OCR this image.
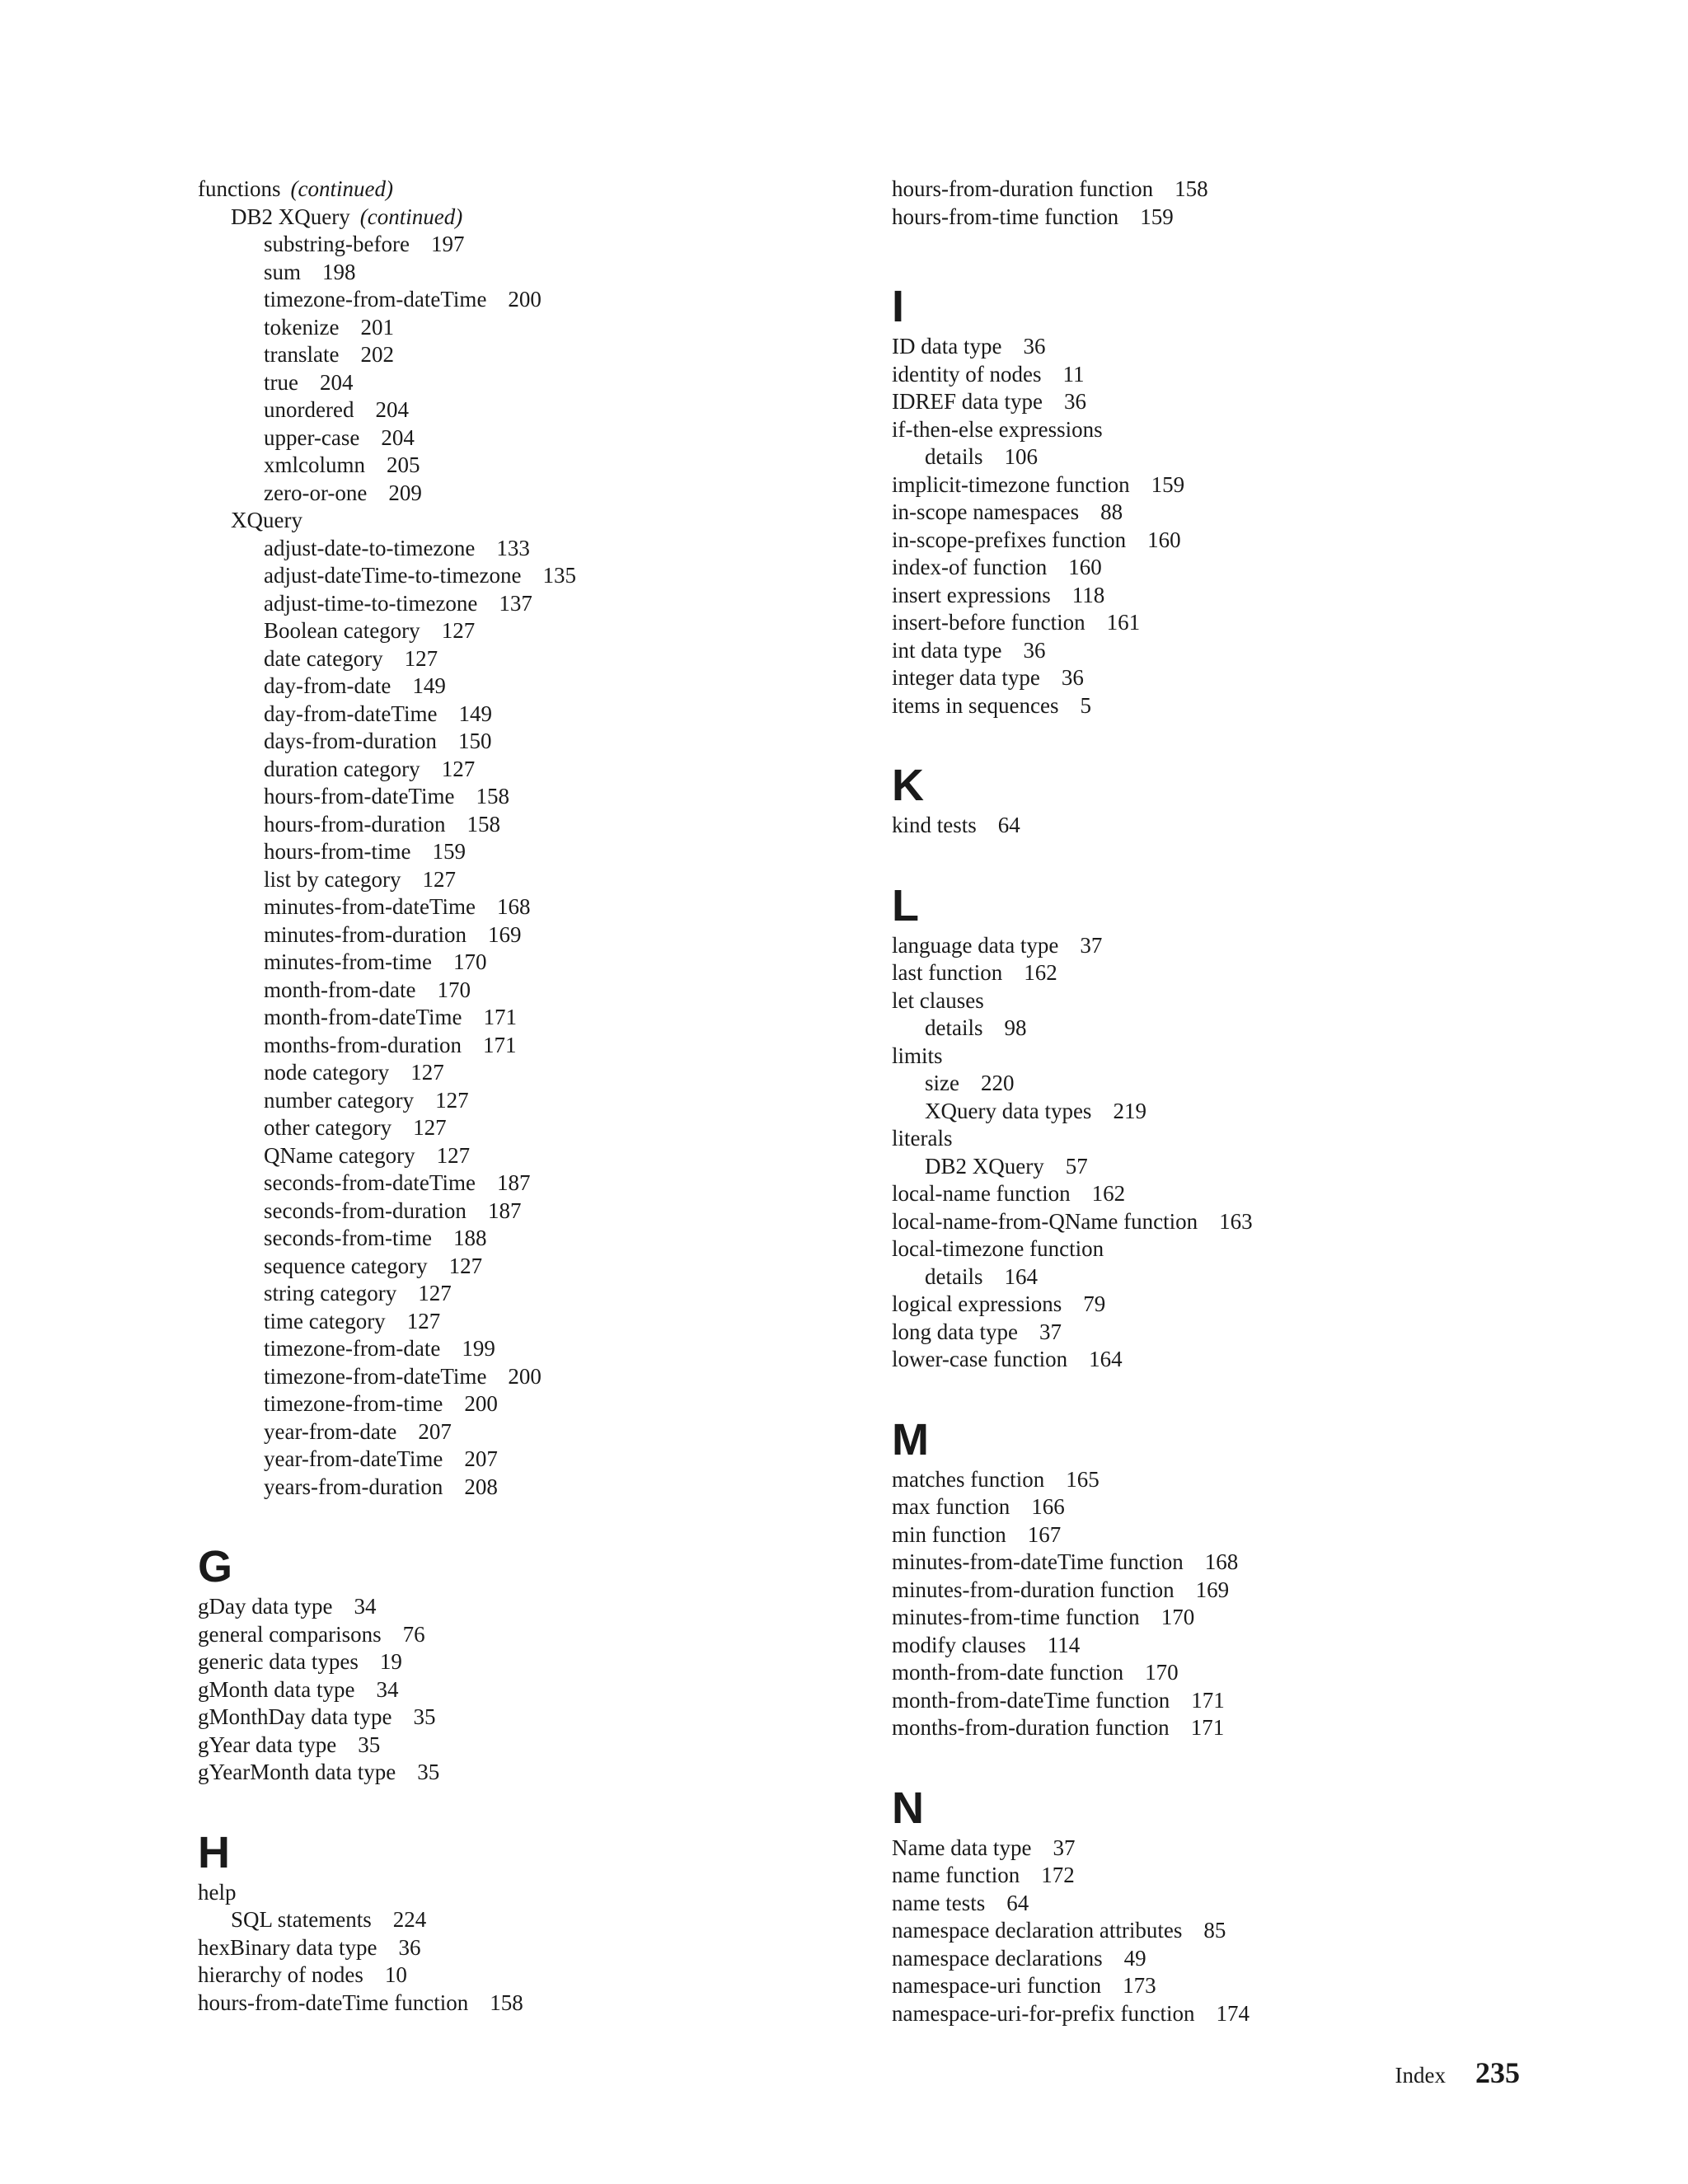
functions (continued)
DB2 XQuery (continued)
substring-before 197
sum 198
timezone-from-dateTime 200
tokenize 201
translate 202
true 204
unordered 204
upper-case 204
xmlcolumn 205
zero-or-one 209
XQuery
adjust-date-to-timezone 133
adjust-dateTime-to-timezone 135
adjust-time-to-timezone 137
Boolean category 127
date category 127
day-from-date 149
day-from-dateTime 149
days-from-duration 150
duration category 127
hours-from-dateTime 158
hours-from-duration 158
hours-from-time 159
list by category 127
minutes-from-dateTime 168
minutes-from-duration 169
minutes-from-time 170
month-from-date 170
month-from-dateTime 171
months-from-duration 171
node category 127
number category 127
other category 127
QName category 127
seconds-from-dateTime 187
seconds-from-duration 187
seconds-from-time 188
sequence category 127
string category 127
time category 127
timezone-from-date 199
timezone-from-dateTime 200
timezone-from-time 200
year-from-date 207
year-from-dateTime 207
years-from-duration 208
G
gDay data type 34
general comparisons 76
generic data types 19
gMonth data type 34
gMonthDay data type 35
gYear data type 35
gYearMonth data type 35
H
help
SQL statements 224
hexBinary data type 36
hierarchy of nodes 10
hours-from-dateTime function 158
hours-from-duration function 158
hours-from-time function 159
I
ID data type 36
identity of nodes 11
IDREF data type 36
if-then-else expressions
details 106
implicit-timezone function 159
in-scope namespaces 88
in-scope-prefixes function 160
index-of function 160
insert expressions 118
insert-before function 161
int data type 36
integer data type 36
items in sequences 5
K
kind tests 64
L
language data type 37
last function 162
let clauses
details 98
limits
size 220
XQuery data types 219
literals
DB2 XQuery 57
local-name function 162
local-name-from-QName function 163
local-timezone function
details 164
logical expressions 79
long data type 37
lower-case function 164
M
matches function 165
max function 166
min function 167
minutes-from-dateTime function 168
minutes-from-duration function 169
minutes-from-time function 170
modify clauses 114
month-from-date function 170
month-from-dateTime function 171
months-from-duration function 171
N
Name data type 37
name function 172
name tests 64
namespace declaration attributes 85
namespace declarations 49
namespace-uri function 173
namespace-uri-for-prefix function 174
Index 235
